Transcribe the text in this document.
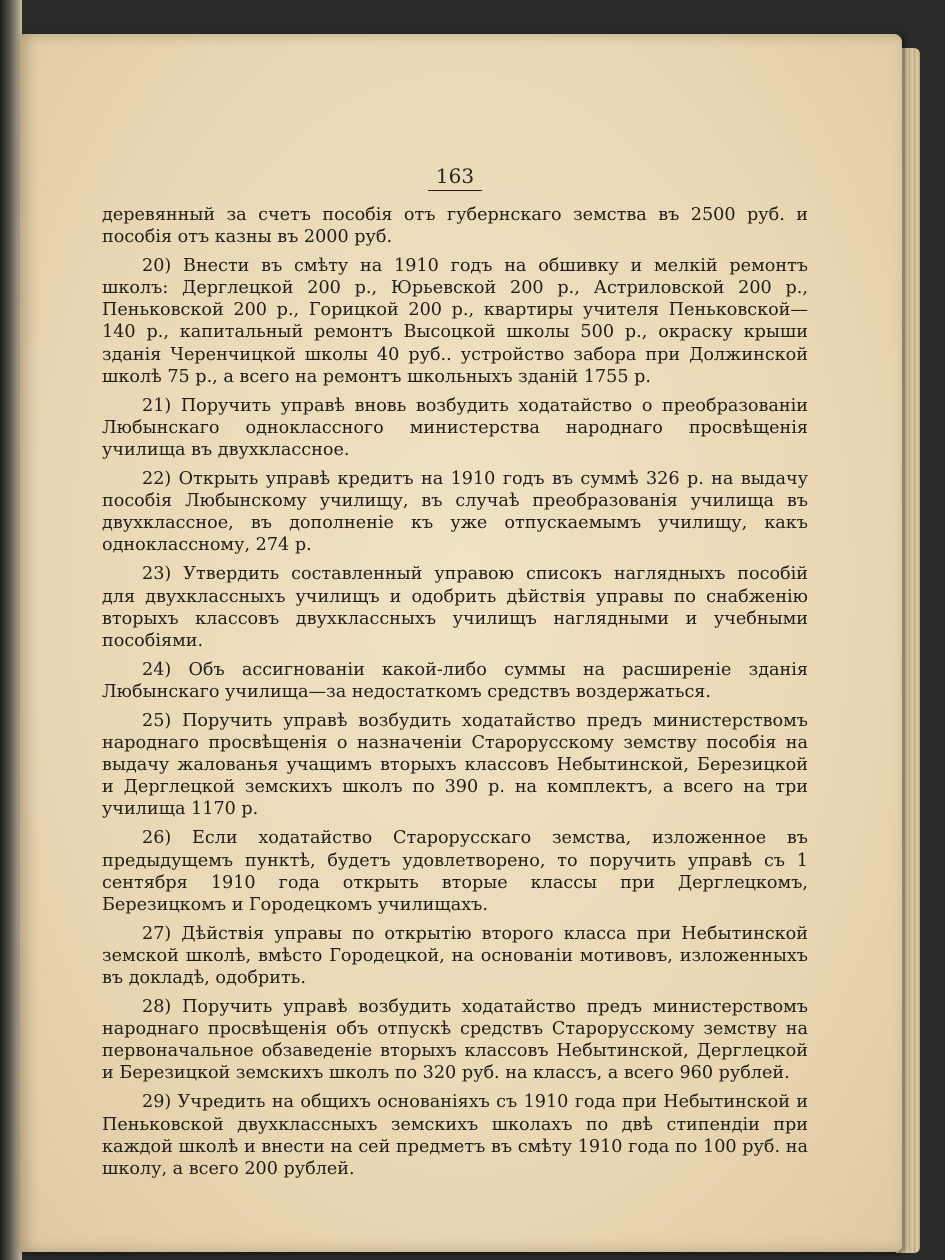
163

деревянный за счетъ пособія отъ губернскаго земства въ 2500 руб. и пособія отъ казны въ 2000 руб.

20) Внести въ смѣту на 1910 годъ на обшивку и мелкій ремонтъ школъ: Дерглецкой 200 р., Юрьевской 200 р., Астриловской 200 р., Пеньковской 200 р., Горицкой 200 р., квартиры учителя Пеньковской—140 р., капитальный ремонтъ Высоцкой школы 500 р., окраску крыши зданія Черенчицкой школы 40 руб.. устройство забора при Должинской школѣ 75 р., а всего на ремонтъ школьныхъ зданій 1755 р.

21) Поручить управѣ вновь возбудить ходатайство о преобразованіи Любынскаго одноклассного министерства народнаго просвѣщенія училища въ двухклассное.

22) Открыть управѣ кредитъ на 1910 годъ въ суммѣ 326 р. на выдачу пособія Любынскому училищу, въ случаѣ преобразованія училища въ двухклассное, въ дополненіе къ уже отпускаемымъ училищу, какъ одноклассному, 274 р.

23) Утвердить составленный управою списокъ наглядныхъ пособій для двухклассныхъ училищъ и одобрить дѣйствія управы по снабженію вторыхъ классовъ двухклассныхъ училищъ наглядными и учебными пособіями.

24) Объ ассигнованіи какой-либо суммы на расширеніе зданія Любынскаго училища—за недостаткомъ средствъ воздержаться.

25) Поручить управѣ возбудить ходатайство предъ министерствомъ народнаго просвѣщенія о назначеніи Старорусскому земству пособія на выдачу жалованья учащимъ вторыхъ классовъ Небытинской, Березицкой и Дерглецкой земскихъ школъ по 390 р. на комплектъ, а всего на три училища 1170 р.

26) Если ходатайство Старорусскаго земства, изложенное въ предыдущемъ пунктѣ, будетъ удовлетворено, то поручить управѣ съ 1 сентября 1910 года открыть вторые классы при Дерглецкомъ, Березицкомъ и Городецкомъ училищахъ.

27) Дѣйствія управы по открытію второго класса при Небытинской земской школѣ, вмѣсто Городецкой, на основаніи мотивовъ, изложенныхъ въ докладѣ, одобрить.

28) Поручить управѣ возбудить ходатайство предъ министерствомъ народнаго просвѣщенія объ отпускѣ средствъ Старорусскому земству на первоначальное обзаведеніе вторыхъ классовъ Небытинской, Дерглецкой и Березицкой земскихъ школъ по 320 руб. на классъ, а всего 960 рублей.

29) Учредить на общихъ основаніяхъ съ 1910 года при Небытинской и Пеньковской двухклассныхъ земскихъ школахъ по двѣ стипендіи при каждой школѣ и внести на сей предметъ въ смѣту 1910 года по 100 руб. на школу, а всего 200 рублей.
